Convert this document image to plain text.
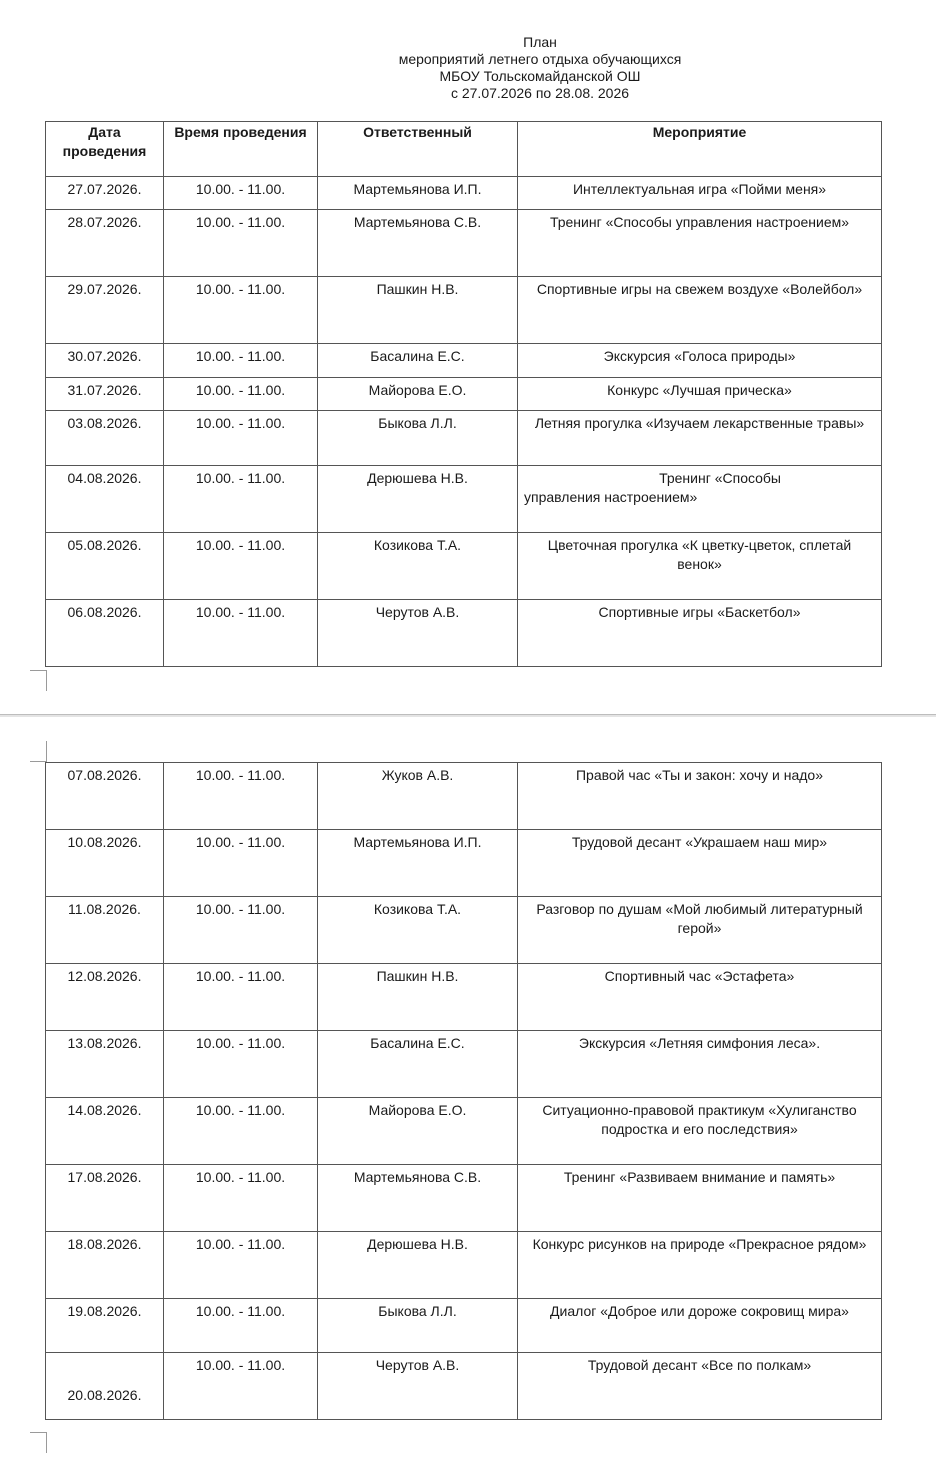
План
мероприятий летнего отдыха обучающихся
МБОУ Тольскомайданской ОШ
с 27.07.2026 по 28.08. 2026
Дата проведения	Время проведения	Ответственный	Мероприятие
27.07.2026.	10.00. - 11.00.	Мартемьянова И.П.	Интеллектуальная игра «Пойми меня»
28.07.2026.	10.00. - 11.00.	Мартемьянова С.В.	Тренинг «Способы управления настроением»
29.07.2026.	10.00. - 11.00.	Пашкин Н.В.	Спортивные игры на свежем воздухе «Волейбол»
30.07.2026.	10.00. - 11.00.	Басалина Е.С.	Экскурсия «Голоса природы»
31.07.2026.	10.00. - 11.00.	Майорова Е.О.	Конкурс «Лучшая прическа»
03.08.2026.	10.00. - 11.00.	Быкова Л.Л.	Летняя прогулка «Изучаем лекарственные травы»
04.08.2026.	10.00. - 11.00.	Дерюшева Н.В.	Тренинг «Способы
управления настроением»
05.08.2026.	10.00. - 11.00.	Козикова Т.А.	Цветочная прогулка «К цветку-цветок, сплетай венок»
06.08.2026.	10.00. - 11.00.	Черутов А.В.	Спортивные игры «Баскетбол»
07.08.2026.	10.00. - 11.00.	Жуков А.В.	Правой час «Ты и закон: хочу и надо»
10.08.2026.	10.00. - 11.00.	Мартемьянова И.П.	Трудовой десант «Украшаем наш мир»
11.08.2026.	10.00. - 11.00.	Козикова Т.А.	Разговор по душам «Мой любимый литературный герой»
12.08.2026.	10.00. - 11.00.	Пашкин Н.В.	Спортивный час «Эстафета»
13.08.2026.	10.00. - 11.00.	Басалина Е.С.	Экскурсия «Летняя симфония леса».
14.08.2026.	10.00. - 11.00.	Майорова Е.О.	Ситуационно-правовой практикум «Хулиганство подростка и его последствия»
17.08.2026.	10.00. - 11.00.	Мартемьянова С.В.	Тренинг «Развиваем внимание и память»
18.08.2026.	10.00. - 11.00.	Дерюшева Н.В.	Конкурс рисунков на природе «Прекрасное рядом»
19.08.2026.	10.00. - 11.00.	Быкова Л.Л.	Диалог «Доброе или дороже сокровищ мира»
20.08.2026.	10.00. - 11.00.	Черутов А.В.	Трудовой десант «Все по полкам»
